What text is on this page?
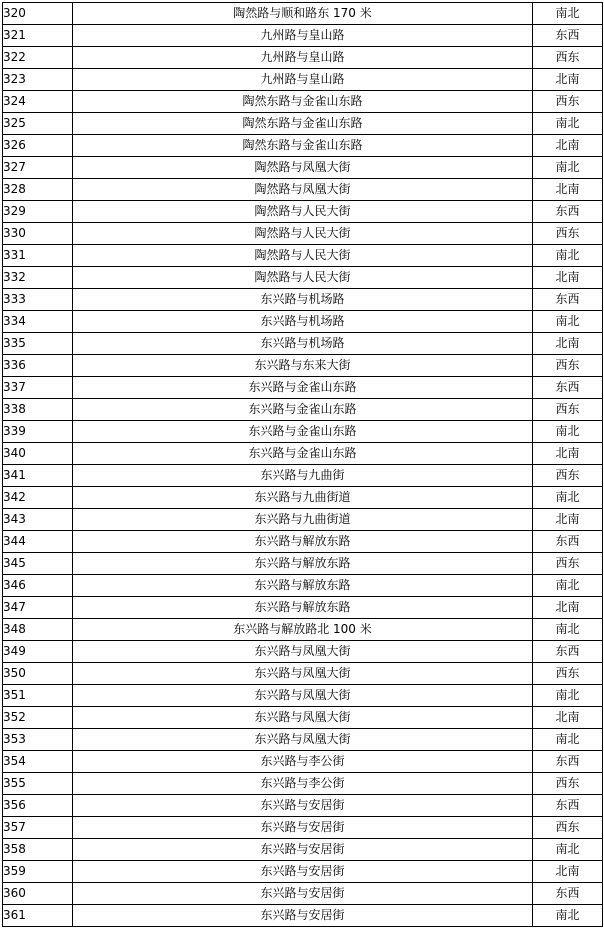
320	陶然路与顺和路东 170 米	南北
321	九州路与皇山路	东西
322	九州路与皇山路	西东
323	九州路与皇山路	北南
324	陶然东路与金雀山东路	西东
325	陶然东路与金雀山东路	南北
326	陶然东路与金雀山东路	北南
327	陶然路与凤凰大街	南北
328	陶然路与凤凰大街	北南
329	陶然路与人民大街	东西
330	陶然路与人民大街	西东
331	陶然路与人民大街	南北
332	陶然路与人民大街	北南
333	东兴路与机场路	东西
334	东兴路与机场路	南北
335	东兴路与机场路	北南
336	东兴路与东来大街	西东
337	东兴路与金雀山东路	东西
338	东兴路与金雀山东路	西东
339	东兴路与金雀山东路	南北
340	东兴路与金雀山东路	北南
341	东兴路与九曲街	西东
342	东兴路与九曲街道	南北
343	东兴路与九曲街道	北南
344	东兴路与解放东路	东西
345	东兴路与解放东路	西东
346	东兴路与解放东路	南北
347	东兴路与解放东路	北南
348	东兴路与解放路北 100 米	南北
349	东兴路与凤凰大街	东西
350	东兴路与凤凰大街	西东
351	东兴路与凤凰大街	南北
352	东兴路与凤凰大街	北南
353	东兴路与凤凰大街	南北
354	东兴路与李公街	东西
355	东兴路与李公街	西东
356	东兴路与安居街	东西
357	东兴路与安居街	西东
358	东兴路与安居街	南北
359	东兴路与安居街	北南
360	东兴路与安居街	东西
361	东兴路与安居街	南北
